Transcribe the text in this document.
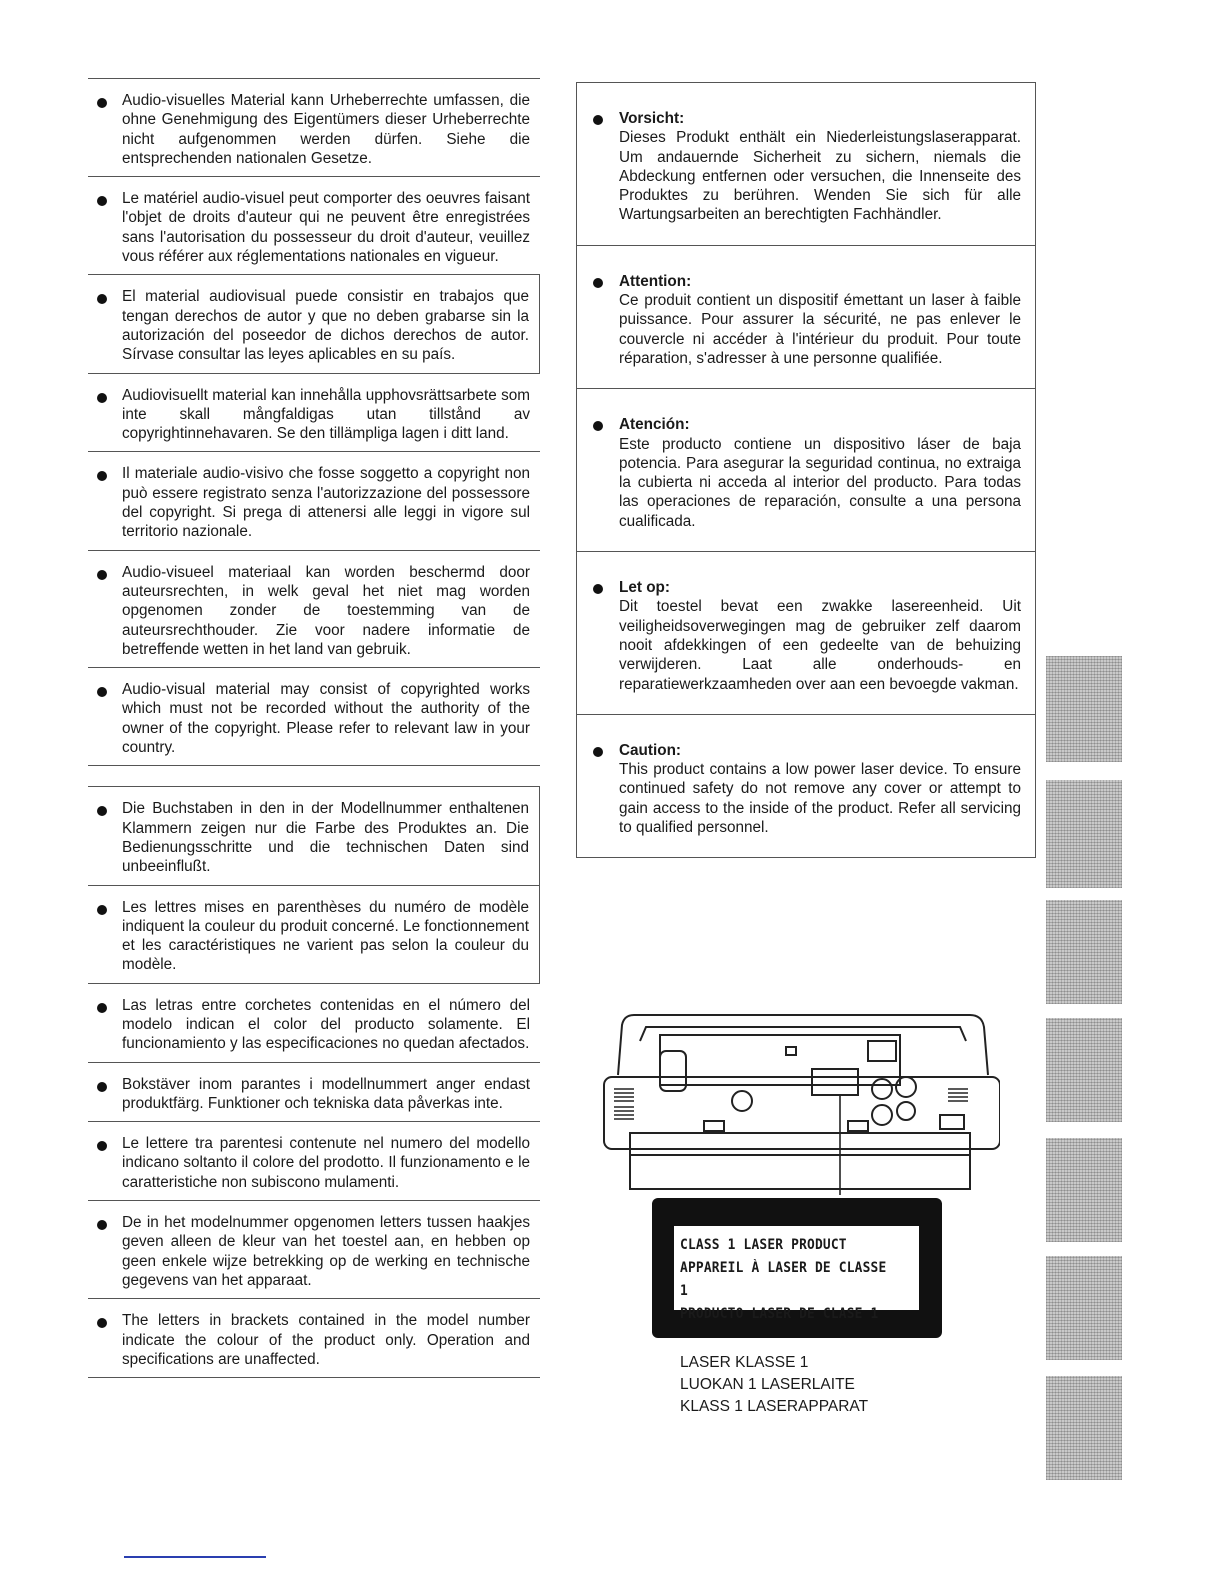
Audio-visuelles Material kann Urheberrechte umfassen, die ohne Genehmigung des Eigentümers dieser Urheberrechte nicht aufgenommen werden dürfen. Siehe die entsprechenden nationalen Gesetze.
Le matériel audio-visuel peut comporter des oeuvres faisant l'objet de droits d'auteur qui ne peuvent être enregistrées sans l'autorisation du possesseur du droit d'auteur, veuillez vous référer aux réglementations nationales en vigueur.
El material audiovisual puede consistir en trabajos que tengan derechos de autor y que no deben grabarse sin la autorización del poseedor de dichos derechos de autor. Sírvase consultar las leyes aplicables en su país.
Audiovisuellt material kan innehålla upphovsrättsarbete som inte skall mångfaldigas utan tillstånd av copyrightinnehavaren. Se den tillämpliga lagen i ditt land.
Il materiale audio-visivo che fosse soggetto a copyright non può essere registrato senza l'autorizzazione del possessore del copyright. Si prega di attenersi alle leggi in vigore sul territorio nazionale.
Audio-visueel materiaal kan worden beschermd door auteursrechten, in welk geval het niet mag worden opgenomen zonder de toestemming van de auteursrechthouder. Zie voor nadere informatie de betreffende wetten in het land van gebruik.
Audio-visual material may consist of copyrighted works which must not be recorded without the authority of the owner of the copyright. Please refer to relevant law in your country.
Die Buchstaben in den in der Modellnummer enthaltenen Klammern zeigen nur die Farbe des Produktes an. Die Bedienungsschritte und die technischen Daten sind unbeeinflußt.
Les lettres mises en parenthèses du numéro de modèle indiquent la couleur du produit concerné. Le fonctionnement et les caractéristiques ne varient pas selon la couleur du modèle.
Las letras entre corchetes contenidas en el número del modelo indican el color del producto solamente. El funcionamiento y las especificaciones no quedan afectados.
Bokstäver inom parantes i modellnummert anger endast produktfärg. Funktioner och tekniska data påverkas inte.
Le lettere tra parentesi contenute nel numero del modello indicano soltanto il colore del prodotto. Il funzionamento e le caratteristiche non subiscono mulamenti.
De in het modelnummer opgenomen letters tussen haakjes geven alleen de kleur van het toestel aan, en hebben op geen enkele wijze betrekking op de werking en technische gegevens van het apparaat.
The letters in brackets contained in the model number indicate the colour of the product only. Operation and specifications are unaffected.
Vorsicht:
Dieses Produkt enthält ein Niederleistungslaserapparat. Um andauernde Sicherheit zu sichern, niemals die Abdeckung entfernen oder versuchen, die Innenseite des Produktes zu berühren. Wenden Sie sich für alle Wartungsarbeiten an berechtigten Fachhändler.
Attention:
Ce produit contient un dispositif émettant un laser à faible puissance. Pour assurer la sécurité, ne pas enlever le couvercle ni accéder à l'intérieur du produit. Pour toute réparation, s'adresser à une personne qualifiée.
Atención:
Este producto contiene un dispositivo láser de baja potencia. Para asegurar la seguridad continua, no extraiga la cubierta ni acceda al interior del producto. Para todas las operaciones de reparación, consulte a una persona cualificada.
Let op:
Dit toestel bevat een zwakke lasereenheid. Uit veiligheidsoverwegingen mag de gebruiker zelf daarom nooit afdekkingen of een gedeelte van de behuizing verwijderen. Laat alle onderhouds- en reparatiewerkzaamheden over aan een bevoegde vakman.
Caution:
This product contains a low power laser device. To ensure continued safety do not remove any cover or attempt to gain access to the inside of the product. Refer all servicing to qualified personnel.
CLASS 1 LASER PRODUCT
APPAREIL À LASER DE CLASSE 1
PRODUCTO LASER DE CLASE 1
LASER KLASSE 1
LUOKAN 1 LASERLAITE
KLASS 1 LASERAPPARAT
